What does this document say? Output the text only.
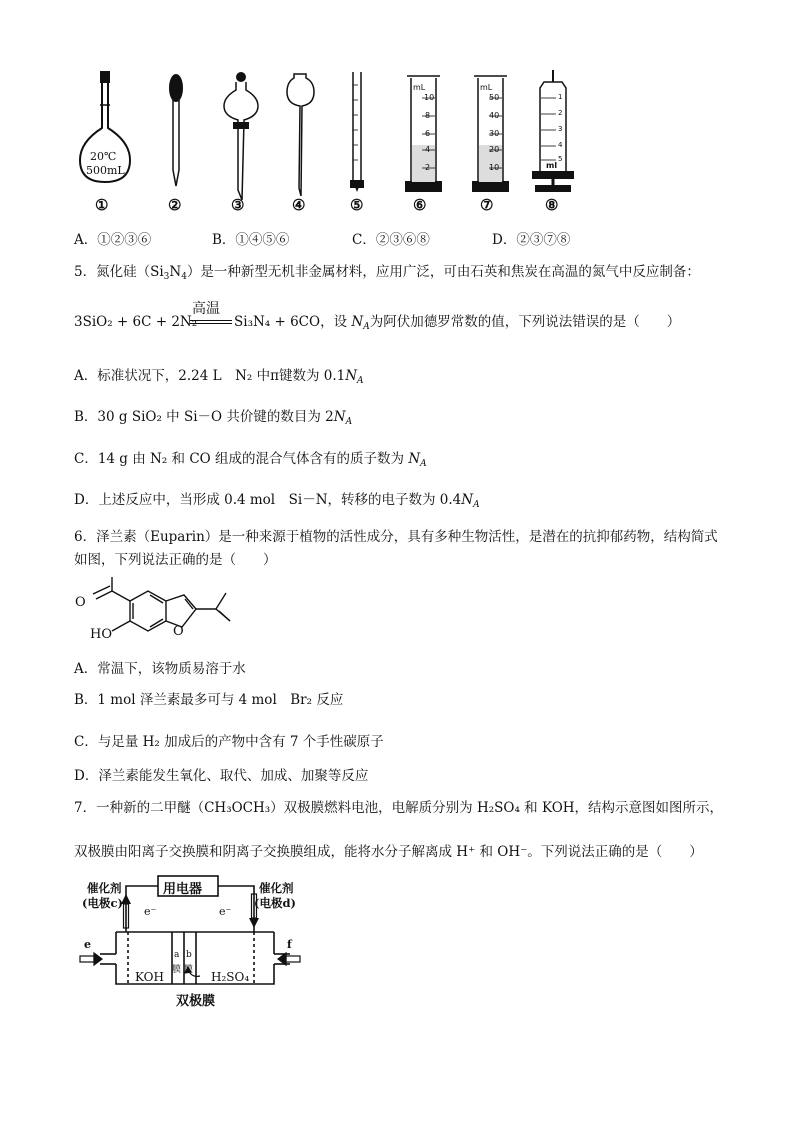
20℃
500mL
mL
10
8
6
4
2
mL
50
40
30
20
10
1
2
3
4
5
ml
①	②	③	④	⑤	⑥	⑦	⑧
A．①②③⑥	B．①④⑤⑥	C．②③⑥⑧	D．②③⑦⑧
5．氮化硅$(Si_3N_4)$是一种新型无机非金属材料，应用广泛，可由石英和焦炭在高温的氮气中反应制备：
高温
3SiO₂ + 6C + 2N₂	Si₃N₄ + 6CO，设 $N_A$为阿伏加德罗常数的值，下列说法错误的是（　　）
A．标准状况下，2.24 L　N₂ 中π键数为 $0.1N_A$
B．30 g SiO₂ 中 Si－O 共价键的数目为 $2N_A$
C．14 g 由 N₂ 和 CO 组成的混合气体含有的质子数为 $N_A$
D．上述反应中，当形成 0.4 mol　Si－N，转移的电子数为 $0.4N_A$
6．泽兰素（Euparin）是一种来源于植物的活性成分，具有多种生物活性，是潜在的抗抑郁药物，结构简式
如图，下列说法正确的是（　　）
HO	O
O
A．常温下，该物质易溶于水
B．1 mol 泽兰素最多可与 4 mol　Br₂ 反应
C．与足量 H₂ 加成后的产物中含有 7 个手性碳原子
D．泽兰素能发生氧化、取代、加成、加聚等反应
7．一种新的二甲醚（CH₃OCH₃）双极膜燃料电池，电解质分别为 H₂SO₄ 和 KOH，结构示意图如图所示，
双极膜由阳离子交换膜和阴离子交换膜组成，能将水分子解离成 H⁺ 和 OH⁻。下列说法正确的是（　　）
用电器
催化剂
(电极c)
催化剂
(电极d)
e⁻	e⁻
e	f
a b
膜 膜
KOH	H₂SO₄
双极膜
